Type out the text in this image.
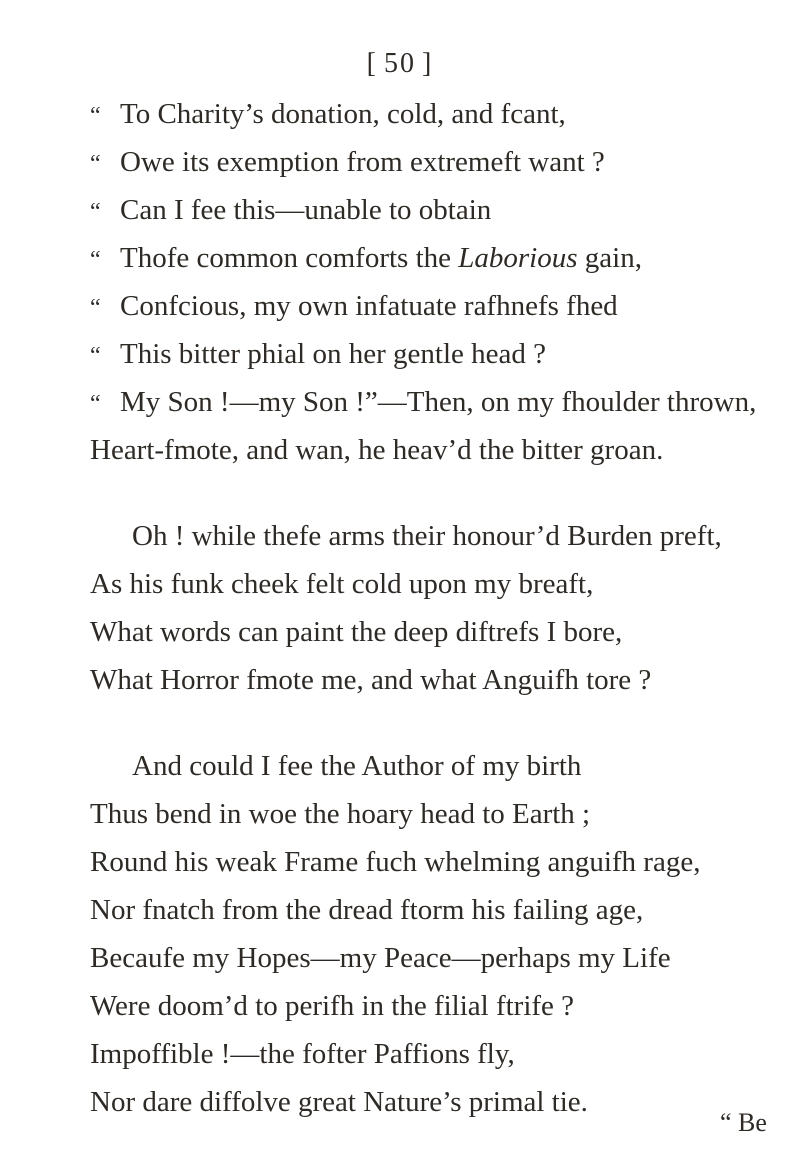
[ 50 ]
“ To Charity’s donation, cold, and fcant,
“ Owe its exemption from extremeft want ?
“ Can I fee this—unable to obtain
“ Thofe common comforts the Laborious gain,
“ Confcious, my own infatuate rafhnefs fhed
“ This bitter phial on her gentle head ?
“ My Son !—my Son !”—Then, on my fhoulder thrown,
Heart-fmote, and wan, he heav’d the bitter groan.
Oh ! while thefe arms their honour’d Burden preft,
As his funk cheek felt cold upon my breaft,
What words can paint the deep diftrefs I bore,
What Horror fmote me, and what Anguifh tore ?
And could I fee the Author of my birth
Thus bend in woe the hoary head to Earth ;
Round his weak Frame fuch whelming anguifh rage,
Nor fnatch from the dread ftorm his failing age,
Becaufe my Hopes—my Peace—perhaps my Life
Were doom’d to perifh in the filial ftrife ?
Impoffible !—the fofter Paffions fly,
Nor dare diffolve great Nature’s primal tie.
“ Be
